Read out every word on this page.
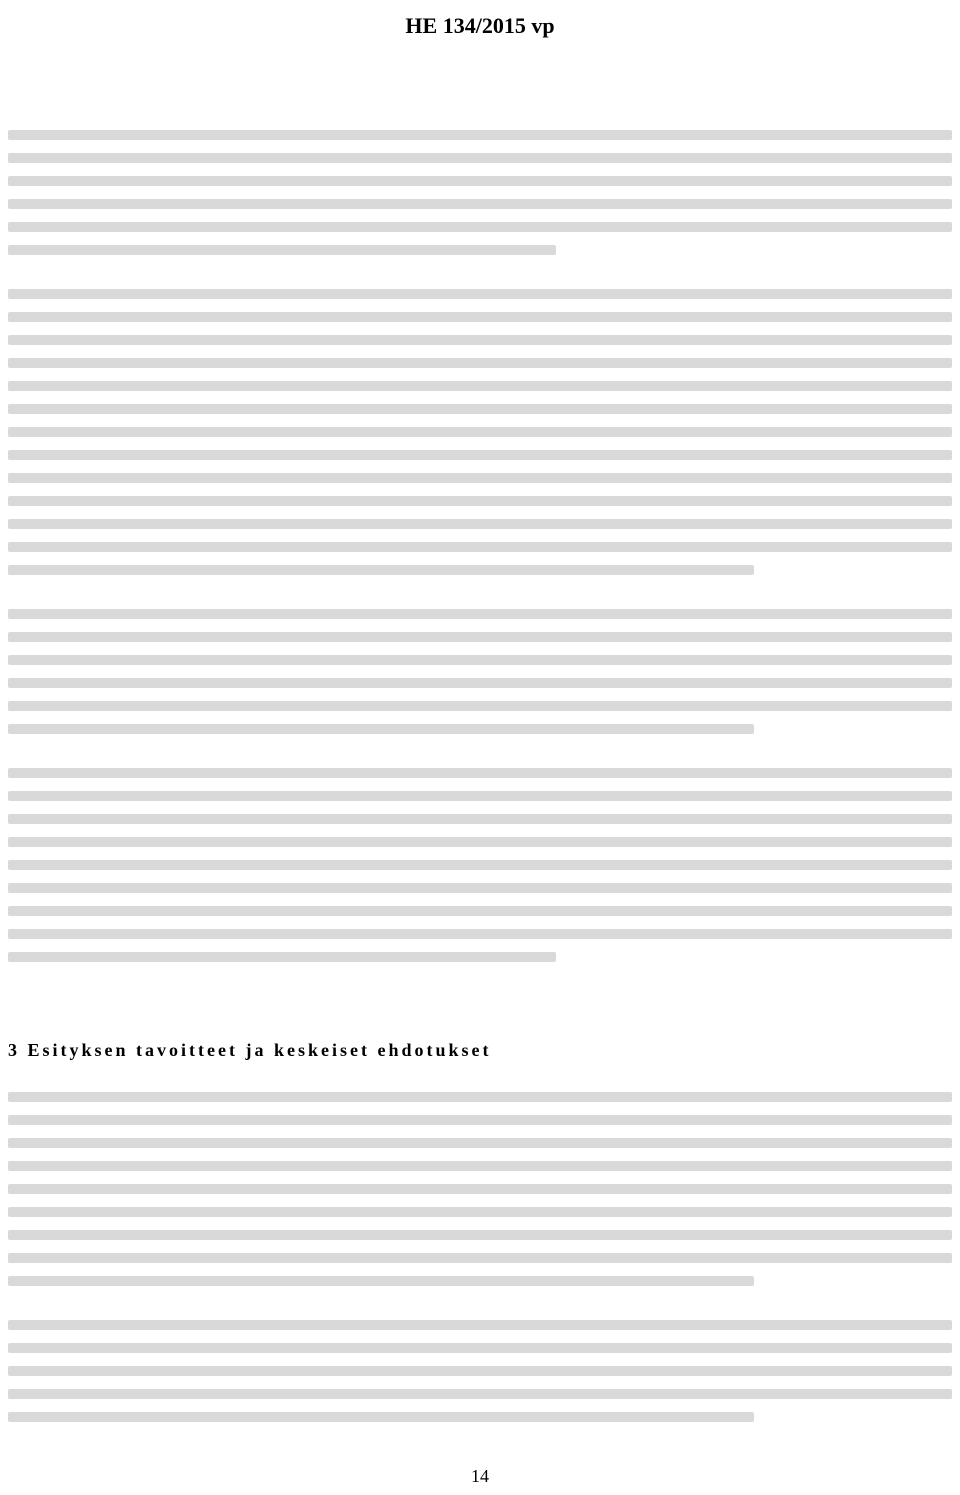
HE 134/2015 vp
3 Esityksen tavoitteet ja keskeiset ehdotukset
14
